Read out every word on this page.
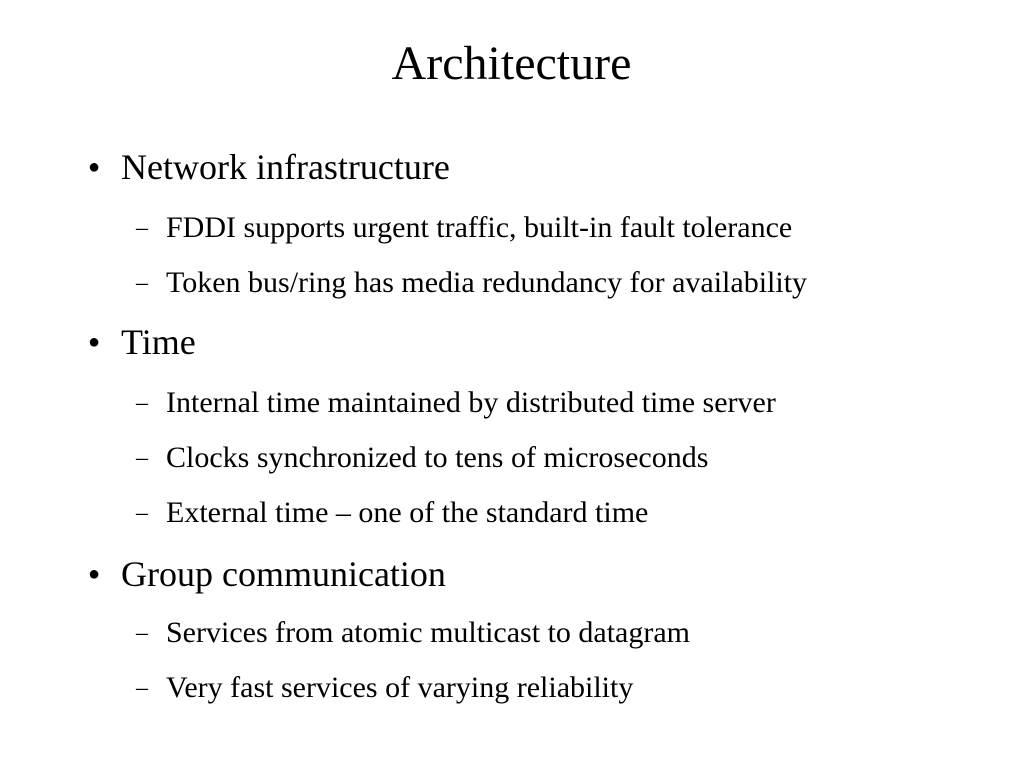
Architecture
● Network infrastructure
– FDDI supports urgent traffic, built-in fault tolerance
– Token bus/ring has media redundancy for availability
● Time
– Internal time maintained by distributed time server
– Clocks synchronized to tens of microseconds
– External time – one of the standard time
● Group communication
– Services from atomic multicast to datagram
– Very fast services of varying reliability
